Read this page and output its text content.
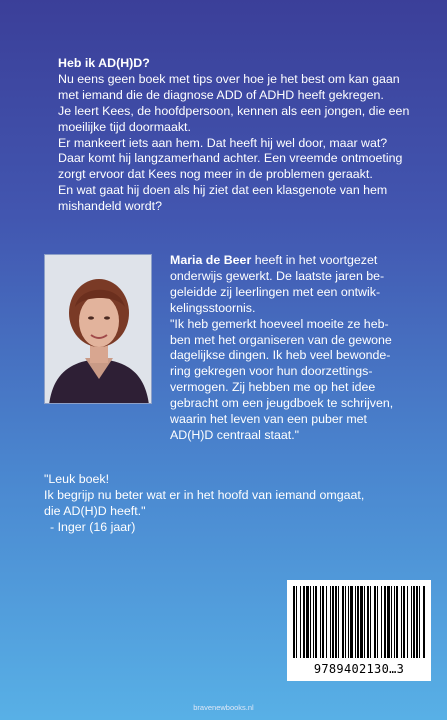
Heb ik AD(H)D?
Nu eens geen boek met tips over hoe je het best om kan gaan
met iemand die de diagnose ADD of ADHD heeft gekregen.
Je leert Kees, de hoofdpersoon, kennen als een jongen, die een
moeilijke tijd doormaakt.
Er mankeert iets aan hem. Dat heeft hij wel door, maar wat?
Daar komt hij langzamerhand achter. Een vreemde ontmoeting
zorgt ervoor dat Kees nog meer in de problemen geraakt.
En wat gaat hij doen als hij ziet dat een klasgenote van hem
mishandeld wordt?
Maria de Beer heeft in het voortgezet
onderwijs gewerkt. De laatste jaren be-
geleidde zij leerlingen met een ontwik-
kelingsstoornis.
"Ik heb gemerkt hoeveel moeite ze heb-
ben met het organiseren van de gewone
dagelijkse dingen. Ik heb veel bewonde-
ring gekregen voor hun doorzettings-
vermogen. Zij hebben me op het idee
gebracht om een jeugdboek te schrijven,
waarin het leven van een puber met
AD(H)D centraal staat."
"Leuk boek!
Ik begrijp nu beter wat er in het hoofd van iemand omgaat,
die AD(H)D heeft."
- Inger (16 jaar)
9789402130…3
bravenewbooks.nl
